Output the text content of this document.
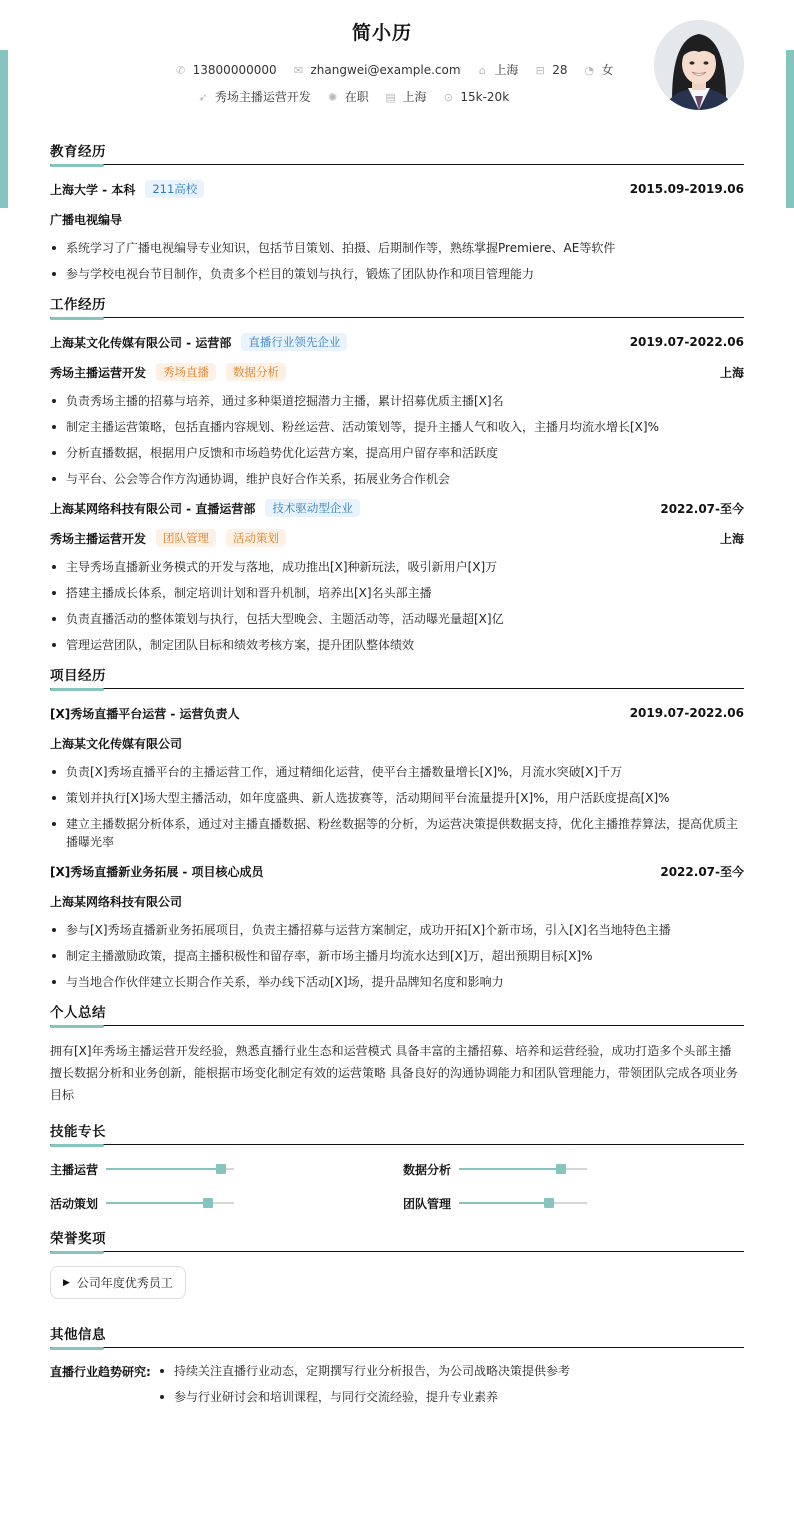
简小历
✆ 13800000000 ✉ zhangwei@example.com ⌂ 上海 ⊟ 28 ◔ 女
➶ 秀场主播运营开发 ✺ 在职 ▤ 上海 ⊙ 15k-20k
教育经历
上海大学 - 本科	211高校	2015.09-2019.06
广播电视编导
系统学习了广播电视编导专业知识，包括节目策划、拍摄、后期制作等，熟练掌握Premiere、AE等软件
参与学校电视台节目制作，负责多个栏目的策划与执行，锻炼了团队协作和项目管理能力
工作经历
上海某文化传媒有限公司 - 运营部	直播行业领先企业	2019.07-2022.06
秀场主播运营开发	秀场直播	数据分析	上海
负责秀场主播的招募与培养，通过多种渠道挖掘潜力主播，累计招募优质主播[X]名
制定主播运营策略，包括直播内容规划、粉丝运营、活动策划等，提升主播人气和收入，主播月均流水增长[X]%
分析直播数据，根据用户反馈和市场趋势优化运营方案，提高用户留存率和活跃度
与平台、公会等合作方沟通协调，维护良好合作关系，拓展业务合作机会
上海某网络科技有限公司 - 直播运营部	技术驱动型企业	2022.07-至今
秀场主播运营开发	团队管理	活动策划	上海
主导秀场直播新业务模式的开发与落地，成功推出[X]种新玩法，吸引新用户[X]万
搭建主播成长体系，制定培训计划和晋升机制，培养出[X]名头部主播
负责直播活动的整体策划与执行，包括大型晚会、主题活动等，活动曝光量超[X]亿
管理运营团队，制定团队目标和绩效考核方案，提升团队整体绩效
项目经历
[X]秀场直播平台运营 - 运营负责人	2019.07-2022.06
上海某文化传媒有限公司
负责[X]秀场直播平台的主播运营工作，通过精细化运营，使平台主播数量增长[X]%，月流水突破[X]千万
策划并执行[X]场大型主播活动，如年度盛典、新人选拔赛等，活动期间平台流量提升[X]%，用户活跃度提高[X]%
建立主播数据分析体系，通过对主播直播数据、粉丝数据等的分析，为运营决策提供数据支持，优化主播推荐算法，提高优质主播曝光率
[X]秀场直播新业务拓展 - 项目核心成员	2022.07-至今
上海某网络科技有限公司
参与[X]秀场直播新业务拓展项目，负责主播招募与运营方案制定，成功开拓[X]个新市场，引入[X]名当地特色主播
制定主播激励政策，提高主播积极性和留存率，新市场主播月均流水达到[X]万，超出预期目标[X]%
与当地合作伙伴建立长期合作关系，举办线下活动[X]场，提升品牌知名度和影响力
个人总结
拥有[X]年秀场主播运营开发经验，熟悉直播行业生态和运营模式 具备丰富的主播招募、培养和运营经验，成功打造多个头部主播 擅长数据分析和业务创新，能根据市场变化制定有效的运营策略 具备良好的沟通协调能力和团队管理能力，带领团队完成各项业务目标
技能专长
主播运营	数据分析
活动策划	团队管理
荣誉奖项
▶ 公司年度优秀员工
其他信息
直播行业趋势研究:	持续关注直播行业动态，定期撰写行业分析报告，为公司战略决策提供参考
参与行业研讨会和培训课程，与同行交流经验，提升专业素养
